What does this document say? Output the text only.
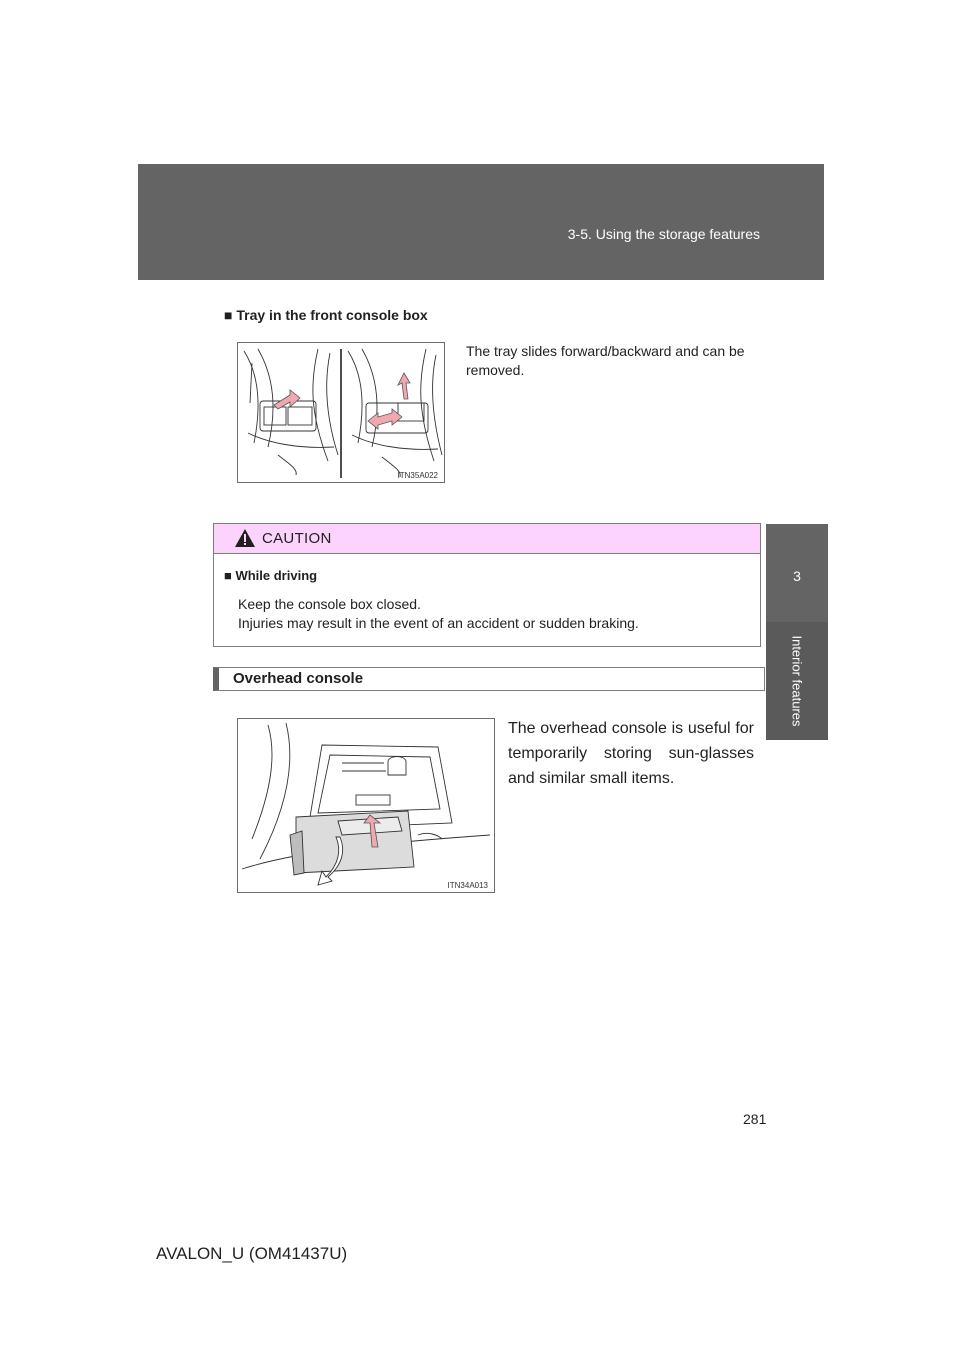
3-5. Using the storage features
3
Interior features
■ Tray in the front console box
ITN35A022
The tray slides forward/backward and can be removed.
CAUTION
■ While driving
Keep the console box closed.
Injuries may result in the event of an accident or sudden braking.
Overhead console
ITN34A013
The overhead console is useful for temporarily storing sun-glasses and similar small items.
281
AVALON_U (OM41437U)
